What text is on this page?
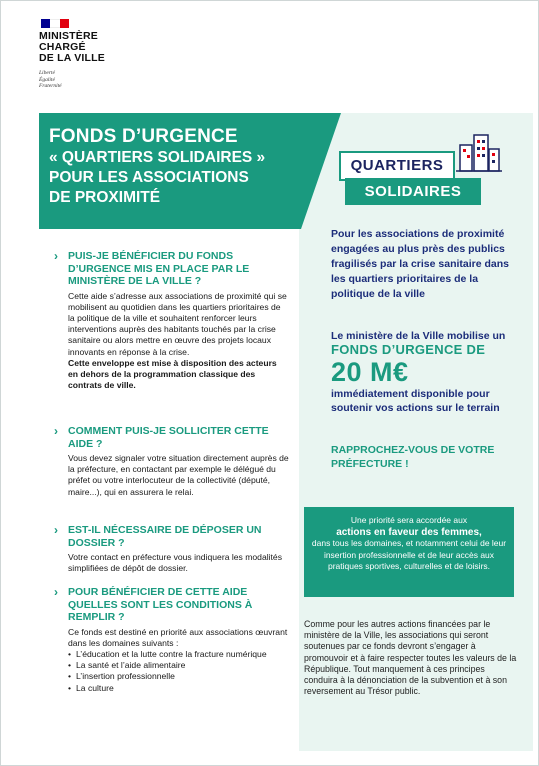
MINISTÈRE
CHARGÉ
DE LA VILLE
Liberté
Égalité
Fraternité
FONDS D’URGENCE
« QUARTIERS SOLIDAIRES »
POUR LES ASSOCIATIONS
DE PROXIMITÉ
QUARTIERS
SOLIDAIRES
Pour les associations de proximité engagées au plus près des publics fragilisés par la crise sanitaire dans les quartiers prioritaires de la politique de la ville
Le ministère de la Ville mobilise un
FONDS D’URGENCE DE
20 M€
immédiatement disponible pour soutenir vos actions sur le terrain
RAPPROCHEZ-VOUS DE VOTRE PRÉFECTURE !
Une priorité sera accordée aux
actions en faveur des femmes,
dans tous les domaines, et notamment celui de leur insertion professionnelle et de leur accès aux pratiques sportives, culturelles et de loisirs.
Comme pour les autres actions financées par le ministère de la Ville, les associations qui seront soutenues par ce fonds devront s’engager à promouvoir et à faire respecter toutes les valeurs de la République. Tout manquement à ces principes conduira à la dénonciation de la subvention et à son reversement au Trésor public.
› PUIS-JE BÉNÉFICIER DU FONDS D’URGENCE MIS EN PLACE PAR LE MINISTÈRE DE LA VILLE ?
Cette aide s’adresse aux associations de proximité qui se mobilisent au quotidien dans les quartiers prioritaires de la politique de la ville et souhaitent renforcer leurs interventions auprès des habitants touchés par la crise sanitaire ou alors mettre en œuvre des projets locaux innovants en réponse à la crise.
Cette enveloppe est mise à disposition des acteurs en dehors de la programmation classique des contrats de ville.
› COMMENT PUIS-JE SOLLICITER CETTE AIDE ?
Vous devez signaler votre situation directement auprès de la préfecture, en contactant par exemple le délégué du préfet ou votre interlocuteur de la collectivité (député, maire...), qui en assurera le relai.
› EST-IL NÉCESSAIRE DE DÉPOSER UN DOSSIER ?
Votre contact en préfecture vous indiquera les modalités simplifiées de dépôt de dossier.
› POUR BÉNÉFICIER DE CETTE AIDE QUELLES SONT LES CONDITIONS À REMPLIR ?
Ce fonds est destiné en priorité aux associations œuvrant dans les domaines suivants :
• L’éducation et la lutte contre la fracture numérique
• La santé et l’aide alimentaire
• L’insertion professionnelle
• La culture
